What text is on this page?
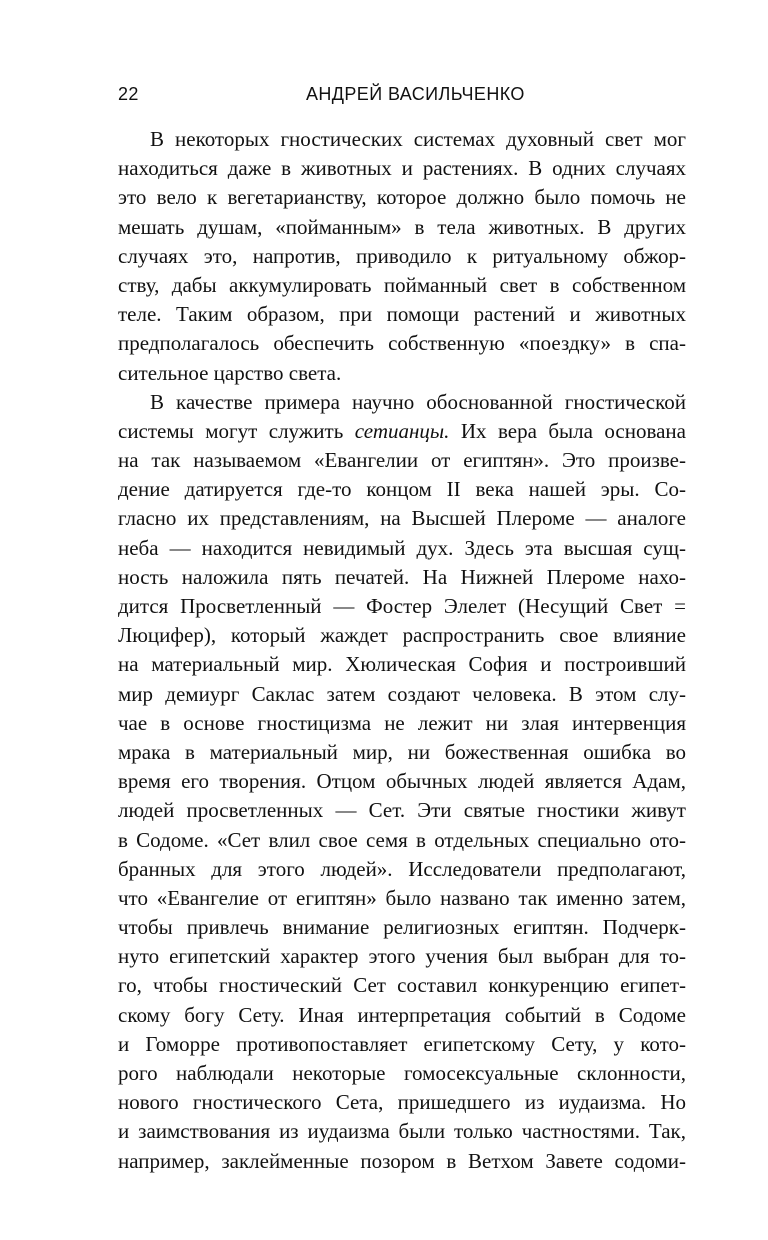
22	АНДРЕЙ ВАСИЛЬЧЕНКО
В некоторых гностических системах духовный свет мог
находиться даже в животных и растениях. В одних случаях
это вело к вегетарианству, которое должно было помочь не
мешать душам, «пойманным» в тела животных. В других
случаях это, напротив, приводило к ритуальному обжор-
ству, дабы аккумулировать пойманный свет в собственном
теле. Таким образом, при помощи растений и животных
предполагалось обеспечить собственную «поездку» в спа-
сительное царство света.
В качестве примера научно обоснованной гностической
системы могут служить сетианцы. Их вера была основана
на так называемом «Евангелии от египтян». Это произве-
дение датируется где-то концом II века нашей эры. Со-
гласно их представлениям, на Высшей Плероме — аналоге
неба — находится невидимый дух. Здесь эта высшая сущ-
ность наложила пять печатей. На Нижней Плероме нахо-
дится Просветленный — Фостер Элелет (Несущий Свет =
Люцифер), который жаждет распространить свое влияние
на материальный мир. Хюлическая София и построивший
мир демиург Саклас затем создают человека. В этом слу-
чае в основе гностицизма не лежит ни злая интервенция
мрака в материальный мир, ни божественная ошибка во
время его творения. Отцом обычных людей является Адам,
людей просветленных — Сет. Эти святые гностики живут
в Содоме. «Сет влил свое семя в отдельных специально ото-
бранных для этого людей». Исследователи предполагают,
что «Евангелие от египтян» было названо так именно затем,
чтобы привлечь внимание религиозных египтян. Подчерк-
нуто египетский характер этого учения был выбран для то-
го, чтобы гностический Сет составил конкуренцию египет-
скому богу Сету. Иная интерпретация событий в Содоме
и Гоморре противопоставляет египетскому Сету, у кото-
рого наблюдали некоторые гомосексуальные склонности,
нового гностического Сета, пришедшего из иудаизма. Но
и заимствования из иудаизма были только частностями. Так,
например, заклейменные позором в Ветхом Завете содоми-
